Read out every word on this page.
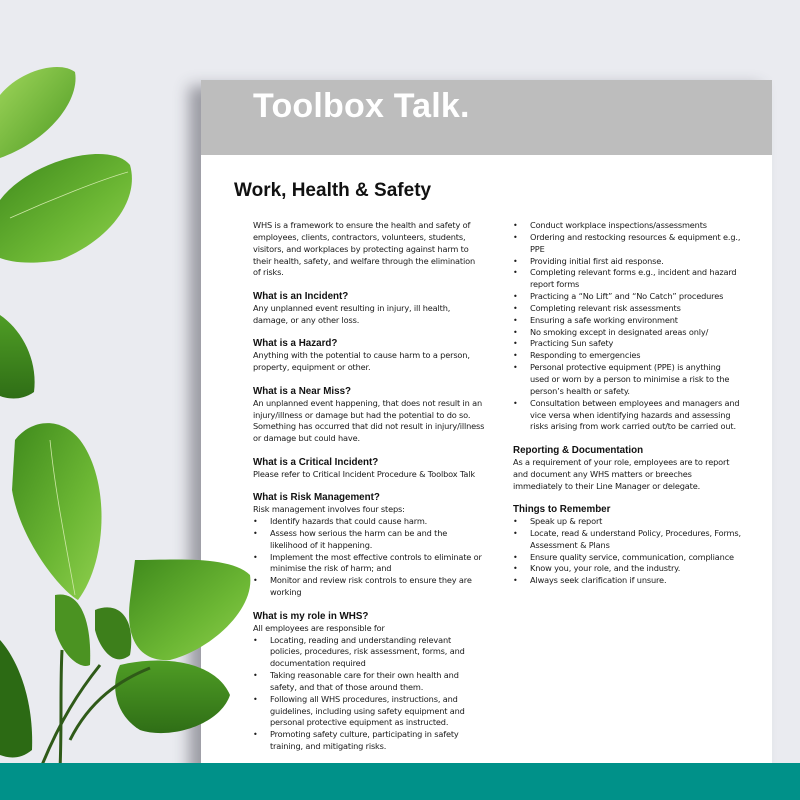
Toolbox Talk.
Work, Health & Safety

WHS is a framework to ensure the health and safety of employees, clients, contractors, volunteers, students, visitors, and workplaces by protecting against harm to their health, safety, and welfare through the elimination of risks.

What is an Incident?

Any unplanned event resulting in injury, ill health, damage, or any other loss.

What is a Hazard?

Anything with the potential to cause harm to a person, property, equipment or other.

What is a Near Miss?

An unplanned event happening, that does not result in an injury/illness or damage but had the potential to do so. Something has occurred that did not result in injury/illness or damage but could have.

What is a Critical Incident?

Please refer to Critical Incident Procedure & Toolbox Talk

What is Risk Management?

Risk management involves four steps:

• Identify hazards that could cause harm.
• Assess how serious the harm can be and the likelihood of it happening.
• Implement the most effective controls to eliminate or minimise the risk of harm; and
• Monitor and review risk controls to ensure they are working
What is my role in WHS?

All employees are responsible for

• Locating, reading and understanding relevant policies, procedures, risk assessment, forms, and documentation required
• Taking reasonable care for their own health and safety, and that of those around them.
• Following all WHS procedures, instructions, and guidelines, including using safety equipment and personal protective equipment as instructed.
• Promoting safety culture, participating in safety training, and mitigating risks.
• Conduct workplace inspections/assessments
• Ordering and restocking resources & equipment e.g., PPE
• Providing initial first aid response.
• Completing relevant forms e.g., incident and hazard report forms
• Practicing a “No Lift” and “No Catch” procedures
• Completing relevant risk assessments
• Ensuring a safe working environment
• No smoking except in designated areas only/
• Practicing Sun safety
• Responding to emergencies
• Personal protective equipment (PPE) is anything used or worn by a person to minimise a risk to the person’s health or safety.
• Consultation between employees and managers and vice versa when identifying hazards and assessing risks arising from work carried out/to be carried out.
Reporting & Documentation

As a requirement of your role, employees are to report and document any WHS matters or breeches immediately to their Line Manager or delegate.

Things to Remember
• Speak up & report
• Locate, read & understand Policy, Procedures, Forms, Assessment & Plans
• Ensure quality service, communication, compliance
• Know you, your role, and the industry.
• Always seek clarification if unsure.
